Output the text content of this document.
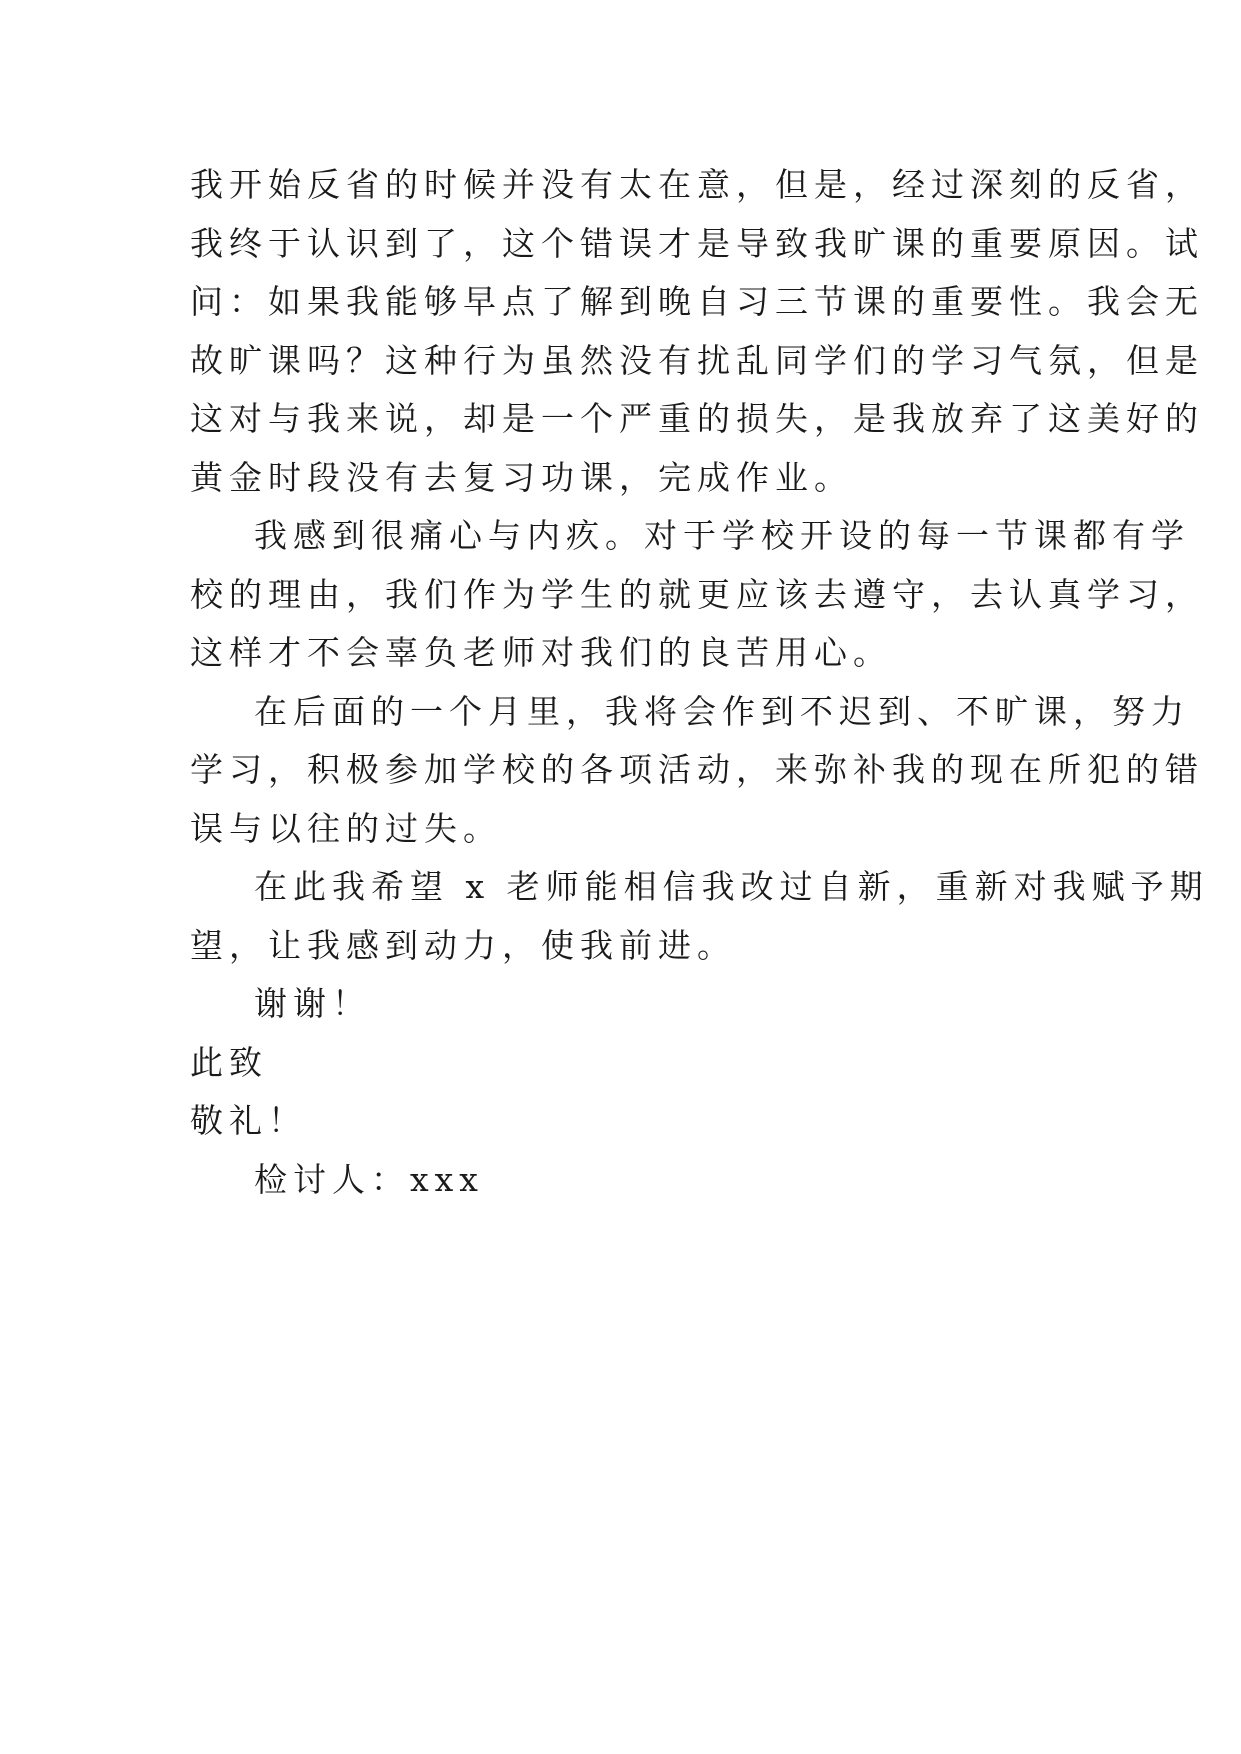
我开始反省的时候并没有太在意，但是，经过深刻的反省，
我终于认识到了，这个错误才是导致我旷课的重要原因。试
问：如果我能够早点了解到晚自习三节课的重要性。我会无
故旷课吗？这种行为虽然没有扰乱同学们的学习气氛，但是
这对与我来说，却是一个严重的损失，是我放弃了这美好的
黄金时段没有去复习功课，完成作业。
我感到很痛心与内疚。对于学校开设的每一节课都有学
校的理由，我们作为学生的就更应该去遵守，去认真学习，
这样才不会辜负老师对我们的良苦用心。
在后面的一个月里，我将会作到不迟到、不旷课，努力
学习，积极参加学校的各项活动，来弥补我的现在所犯的错
误与以往的过失。
在此我希望 x 老师能相信我改过自新，重新对我赋予期
望，让我感到动力，使我前进。
谢谢！
此致
敬礼！
检讨人：xxx
